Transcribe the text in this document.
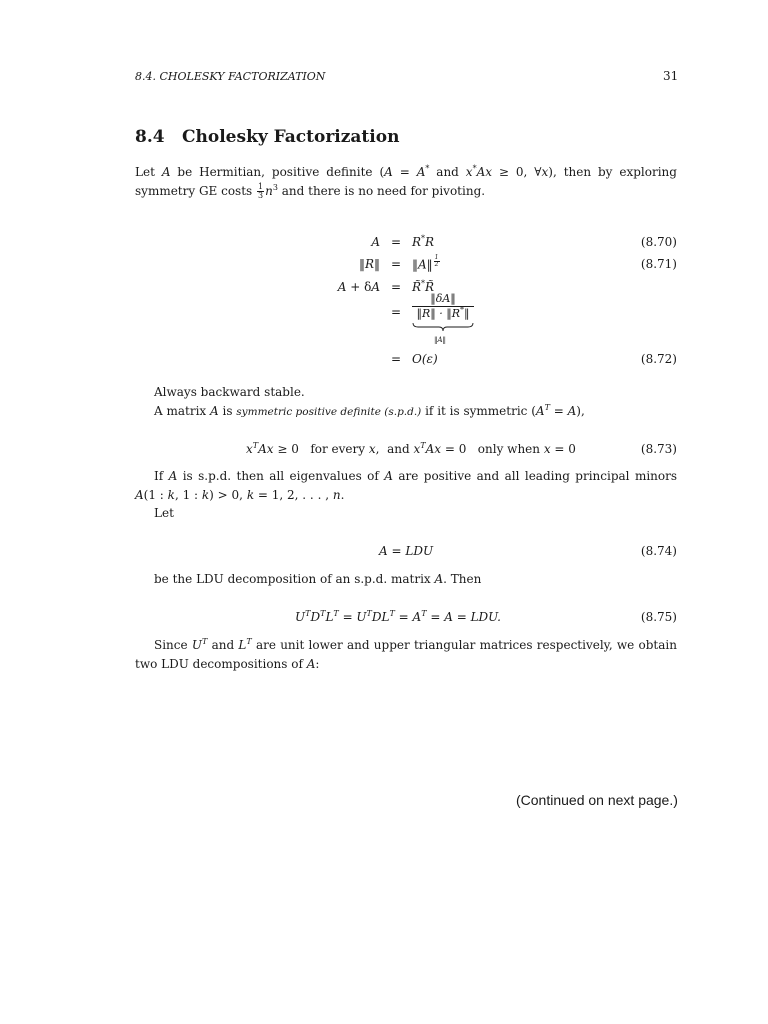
8.4. CHOLESKY FACTORIZATION	31
8.4 Cholesky Factorization
Let A be Hermitian, positive definite (A = A* and x*Ax ≥ 0, ∀x), then by exploring symmetry GE costs $\frac{1}{3} n^3$ and there is no need for pivoting.
A = R*R	(8.70)
‖R‖ = ‖A‖ $^{\frac{1}{2}}$	(8.71)
A + δA = R̃*R̃
=
‖δA‖
‖R‖ · ‖R*‖
‖A‖
= O(ε)	(8.72)
Always backward stable.
A matrix A is symmetric positive definite (s.p.d.) if it is symmetric $(A^T = A)$,
$x^TAx \ge 0$   for every x,  and $x^TAx = 0$   only when x = 0	(8.73)
If A is s.p.d. then all eigenvalues of A are positive and all leading principal minors A(1 : k, 1 : k) > 0, k = 1, 2, . . . , n.
Let
A = LDU	(8.74)
be the LDU decomposition of an s.p.d. matrix A. Then
$U^TD^TL^T = U^TDL^T = A^T = A$ = LDU.	(8.75)
Since $U^T$ and $L^T$ are unit lower and upper triangular matrices respectively, we obtain two LDU decompositions of A:
(Continued on next page.)
